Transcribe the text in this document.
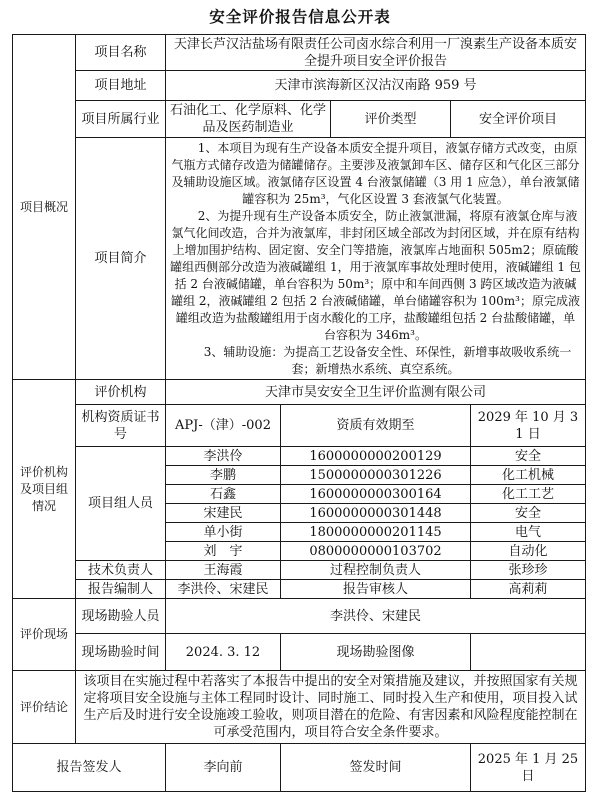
安全评价报告信息公开表
项目概况	项目名称	天津长芦汉沽盐场有限责任公司卤水综合利用一厂溴素生产设备本质安全提升项目安全评价报告				
	项目地址	天津市滨海新区汉沽汉南路 959 号				
	项目所属行业	石油化工、化学原料、化学品及医药制造业		评价类型	安全评价项目	
	项目简介	1、本项目为现有生产设备本质安全提升项目，液氯存储方式改变，由原气瓶方式储存改造为储罐储存。主要涉及液氯卸车区、储存区和气化区三部分及辅助设施区域。液氯储存区设置 4 台液氯储罐（3 用 1 应急），单台液氯储罐容积为 25m³，气化区设置 3 套液氯气化装置。

2、为提升现有生产设备本质安全，防止液氯泄漏，将原有液氯仓库与液氯气化间改造，合并为液氯库，非封闭区域全部改为封闭区域，并在原有结构上增加围护结构、固定窗、安全门等措施，液氯库占地面积 505m2；原硫酸罐组西侧部分改造为液碱罐组 1，用于液氯库事故处理时使用，液碱罐组 1 包括 2 台液碱储罐，单台容积为 50m³；原中和车间西侧 3 跨区域改造为液碱罐组 2，液碱罐组 2 包括 2 台液碱储罐，单台储罐容积为 100m³；原完成液罐组改造为盐酸罐组用于卤水酸化的工序，盐酸罐组包括 2 台盐酸储罐，单台容积为 346m³。

3、辅助设施：为提高工艺设备安全性、环保性，新增事故吸收系统一套；新增热水系统、真空系统。				

评价机构及项目组情况	评价机构	天津市昊安安全卫生评价监测有限公司				
	机构资质证书号	APJ-（津）-002	资质有效期至			2029 年 10 月 31 日
	项目组人员	李洪伶	1600000000200129			安全
		李鹏	1500000000301226			化工机械
		石鑫	1600000000300164			化工工艺
		宋建民	1600000000301448			安全
		单小街	1800000000201145			电气
		刘　宇	0800000000103702			自动化
	技术负责人	王海霞	过程控制负责人			张珍珍
	报告编制人	李洪伶、宋建民	报告审核人			高莉莉
评价现场	现场勘验人员	李洪伶、宋建民				
	现场勘验时间	2024. 3. 12	现场勘验图像			
评价结论	该项目在实施过程中若落实了本报告中提出的安全对策措施及建议，并按照国家有关规定将项目安全设施与主体工程同时设计、同时施工、同时投入生产和使用，项目投入试生产后及时进行安全设施竣工验收，则项目潜在的危险、有害因素和风险程度能控制在可承受范围内，项目符合安全条件要求。					
报告签发人		李向前	签发时间			2025 年 1 月 25 日
